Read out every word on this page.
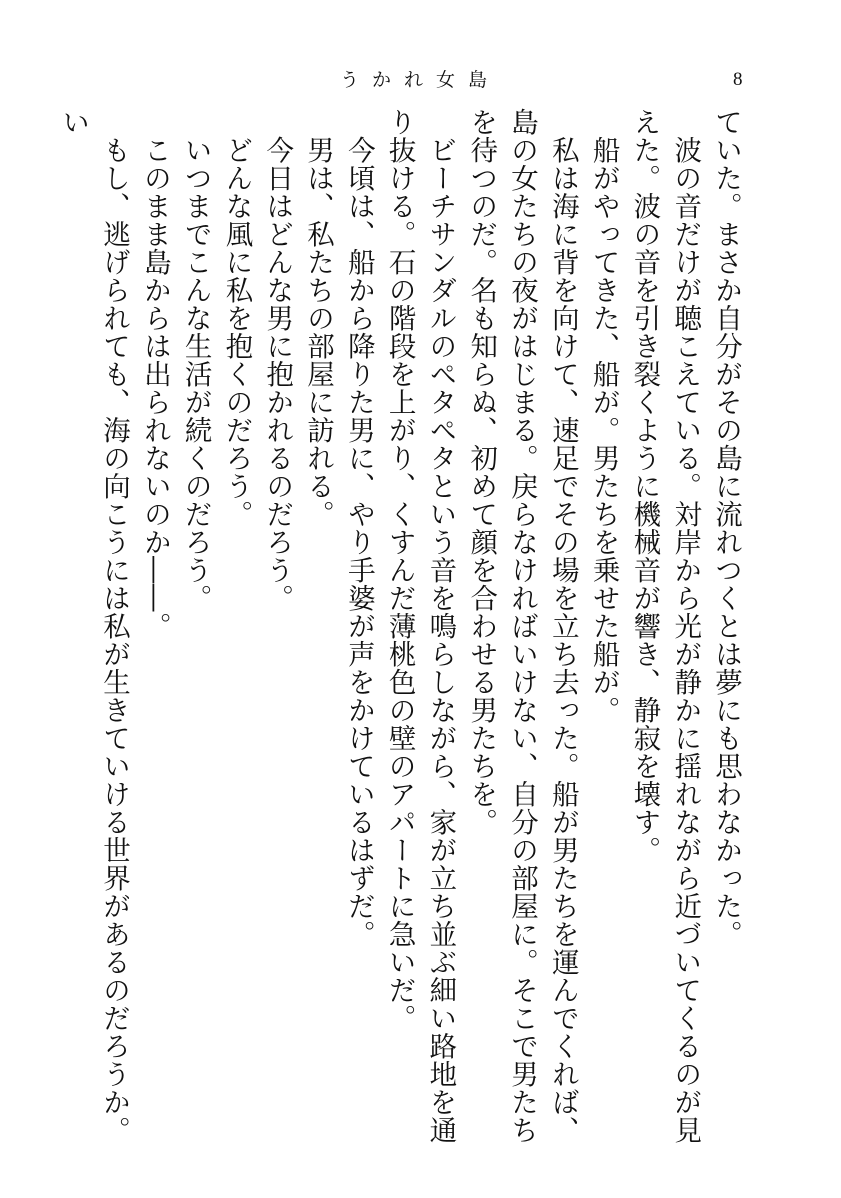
うかれ女島	8

ていた。まさか自分がその島に流れつくとは夢にも思わなかった。

波の音だけが聴こえている。対岸から光が静かに揺れながら近づいてくるのが見えた。波の音を引き裂くように機械音が響き、静寂を壊す。

船がやってきた、船が。男たちを乗せた船が。

私は海に背を向けて、速足でその場を立ち去った。船が男たちを運んでくれば、島の女たちの夜がはじまる。戻らなければいけない、自分の部屋に。そこで男たちを待つのだ。名も知らぬ、初めて顔を合わせる男たちを。

ビーチサンダルのペタペタという音を鳴らしながら、家が立ち並ぶ細い路地を通り抜ける。石の階段を上がり、くすんだ薄桃色の壁のアパートに急いだ。

今頃は、船から降りた男に、やり手婆が声をかけているはずだ。

男は、私たちの部屋に訪れる。

今日はどんな男に抱かれるのだろう。

どんな風に私を抱くのだろう。

いつまでこんな生活が続くのだろう。

このまま島からは出られないのか――。

もし、逃げられても、海の向こうには私が生きていける世界があるのだろうか。い
